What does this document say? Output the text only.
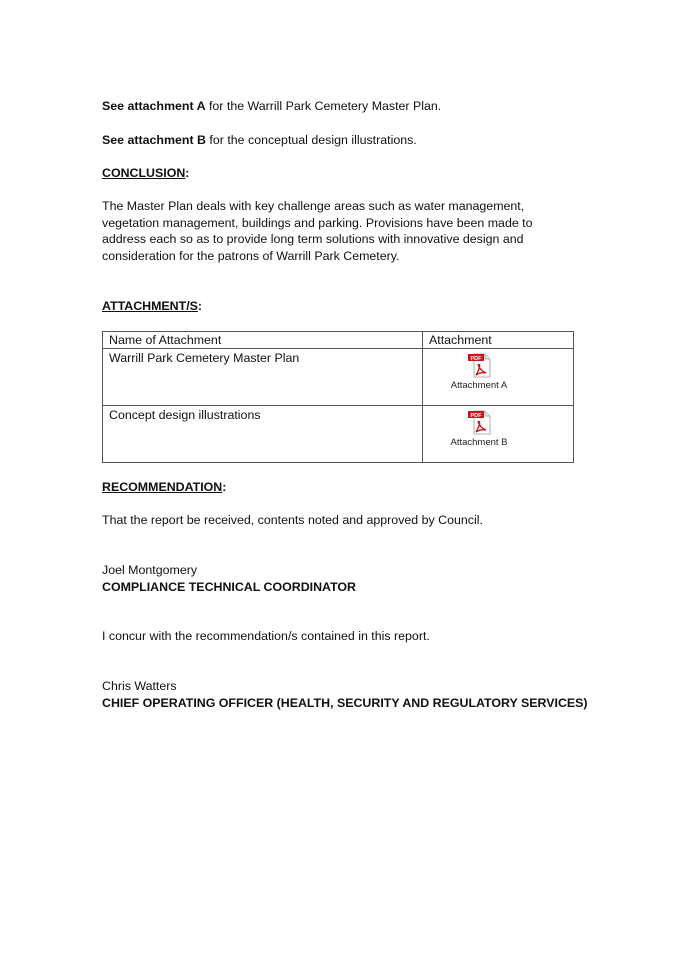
See attachment A for the Warrill Park Cemetery Master Plan.

See attachment B for the conceptual design illustrations.

CONCLUSION:

The Master Plan deals with key challenge areas such as water management,
vegetation management, buildings and parking. Provisions have been made to
address each so as to provide long term solutions with innovative design and
consideration for the patrons of Warrill Park Cemetery.

ATTACHMENT/S:

Name of Attachment	Attachment
Warrill Park Cemetery Master Plan	PDF
Attachment A

Concept design illustrations	PDF
Attachment B

RECOMMENDATION:

That the report be received, contents noted and approved by Council.

Joel Montgomery
COMPLIANCE TECHNICAL COORDINATOR

I concur with the recommendation/s contained in this report.

Chris Watters
CHIEF OPERATING OFFICER (HEALTH, SECURITY AND REGULATORY SERVICES)
